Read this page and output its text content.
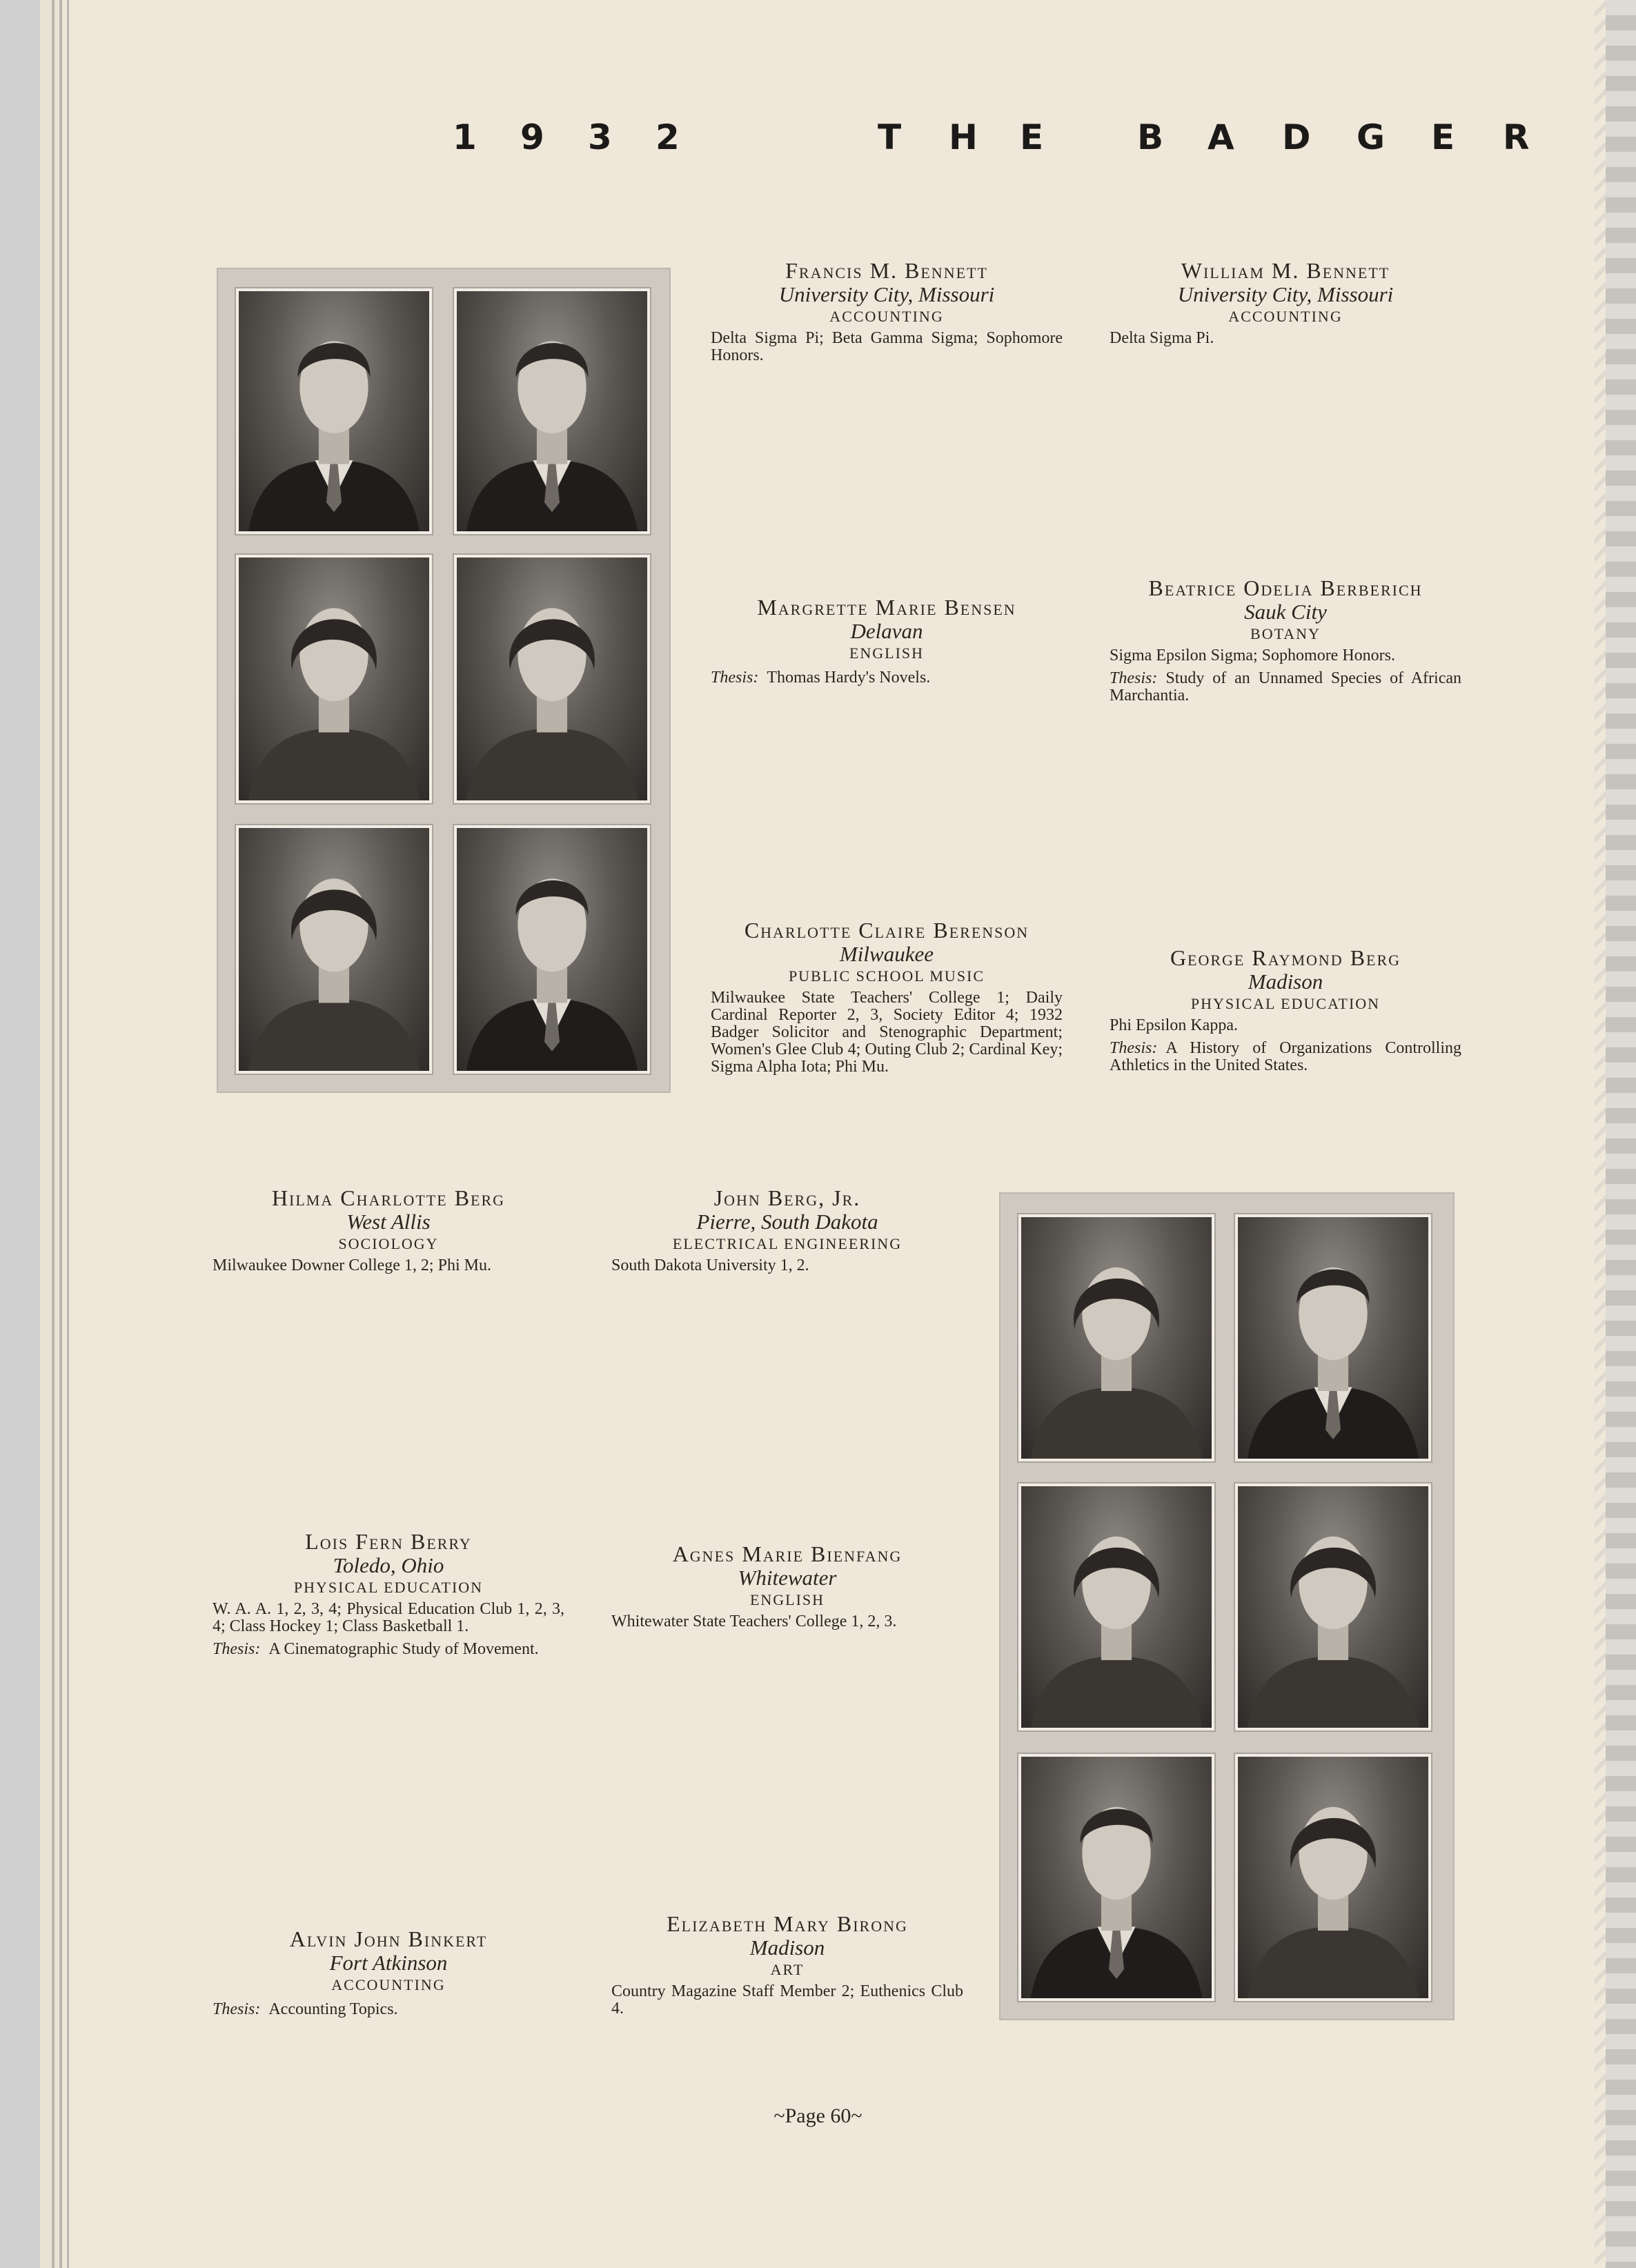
1 9 3 2	T H E	B A D G E R
Francis M. Bennett
University City, Missouri
ACCOUNTING
Delta Sigma Pi; Beta Gamma Sigma; Sophomore Honors.
William M. Bennett
University City, Missouri
ACCOUNTING
Delta Sigma Pi.
Margrette Marie Bensen
Delavan
ENGLISH
Thesis: Thomas Hardy's Novels.
Beatrice Odelia Berberich
Sauk City
BOTANY
Sigma Epsilon Sigma; Sophomore Honors.
Thesis: Study of an Unnamed Species of African Marchantia.
Charlotte Claire Berenson
Milwaukee
PUBLIC SCHOOL MUSIC
Milwaukee State Teachers' College 1; Daily Cardinal Reporter 2, 3, Society Editor 4; 1932 Badger Solicitor and Stenographic Department; Women's Glee Club 4; Outing Club 2; Cardinal Key; Sigma Alpha Iota; Phi Mu.
George Raymond Berg
Madison
PHYSICAL EDUCATION
Phi Epsilon Kappa.
Thesis: A History of Organizations Controlling Athletics in the United States.
Hilma Charlotte Berg
West Allis
SOCIOLOGY
Milwaukee Downer College 1, 2; Phi Mu.
John Berg, Jr.
Pierre, South Dakota
ELECTRICAL ENGINEERING
South Dakota University 1, 2.
Lois Fern Berry
Toledo, Ohio
PHYSICAL EDUCATION
W. A. A. 1, 2, 3, 4; Physical Education Club 1, 2, 3, 4; Class Hockey 1; Class Basketball 1.
Thesis: A Cinematographic Study of Movement.
Agnes Marie Bienfang
Whitewater
ENGLISH
Whitewater State Teachers' College 1, 2, 3.
Alvin John Binkert
Fort Atkinson
ACCOUNTING
Thesis: Accounting Topics.
Elizabeth Mary Birong
Madison
ART
Country Magazine Staff Member 2; Euthenics Club 4.
~Page 60~
